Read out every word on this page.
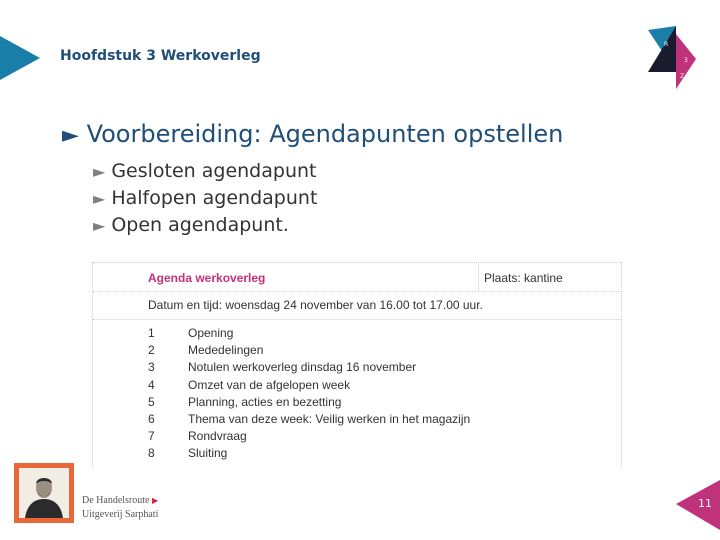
Hoofdstuk 3 Werkoverleg
R
3
Z
► Voorbereiding: Agendapunten opstellen
► Gesloten agendapunt
► Halfopen agendapunt
► Open agendapunt.
Agenda werkoverleg	Plaats: kantine
Datum en tijd: woensdag 24 november van 16.00 tot 17.00 uur.
1	Opening
2	Mededelingen
3	Notulen werkoverleg dinsdag 16 november
4	Omzet van de afgelopen week
5	Planning, acties en bezetting
6	Thema van deze week: Veilig werken in het magazijn
7	Rondvraag
8	Sluiting
De Handelsroute ▶
Uitgeverij Sarphati
11
